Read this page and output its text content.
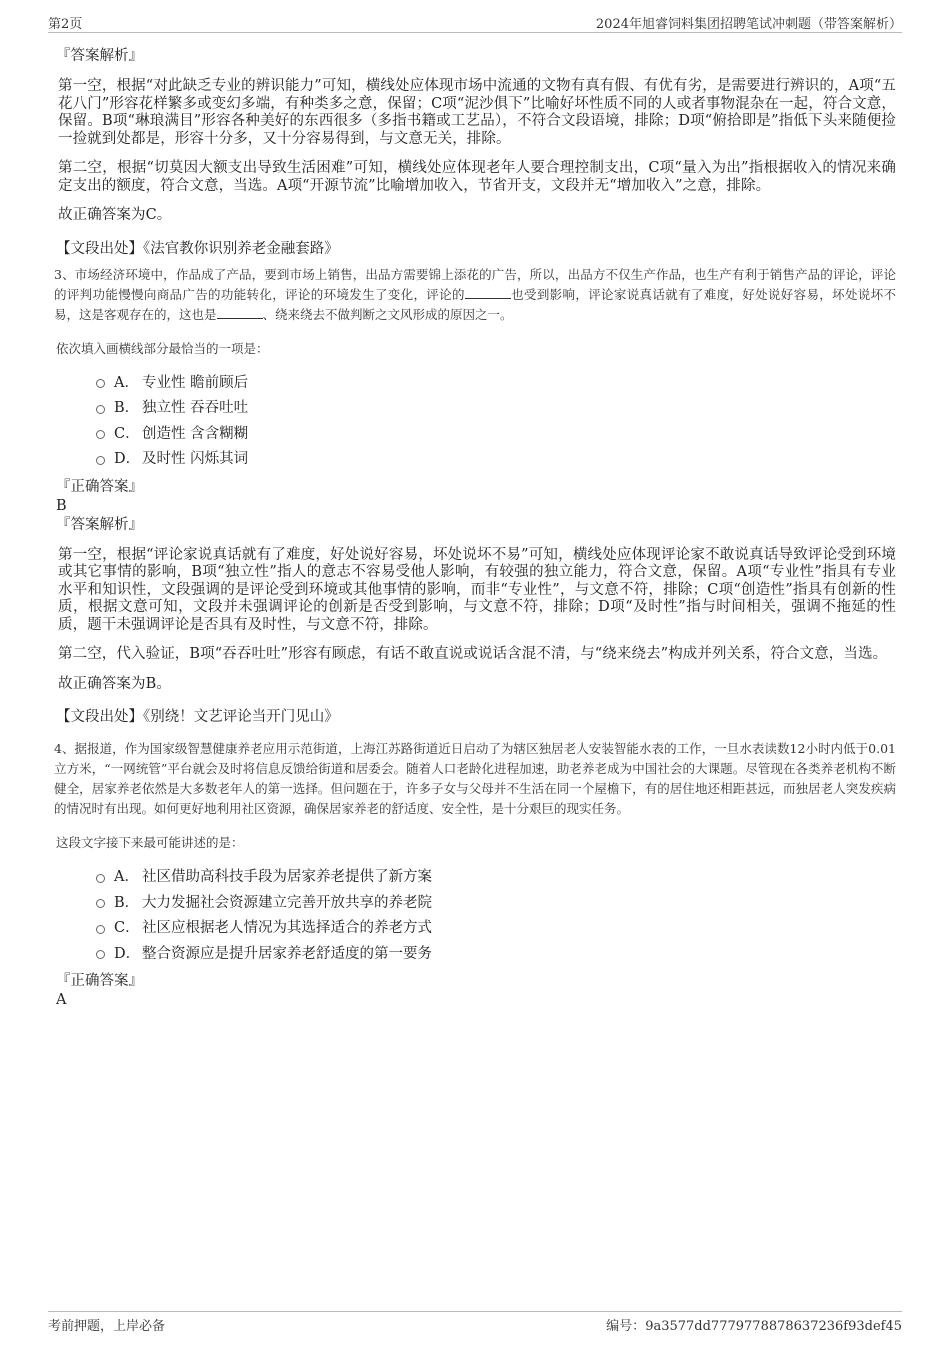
第2页	2024年旭睿饲料集团招聘笔试冲刺题（带答案解析）

『答案解析』

第一空，根据“对此缺乏专业的辨识能力”可知，横线处应体现市场中流通的文物有真有假、有优有劣，是需要进行辨识的，A项“五花八门”形容花样繁多或变幻多端，有种类多之意，保留；C项“泥沙俱下”比喻好坏性质不同的人或者事物混杂在一起，符合文意，保留。B项“琳琅满目”形容各种美好的东西很多（多指书籍或工艺品），不符合文段语境，排除；D项“俯拾即是”指低下头来随便捡一捡就到处都是，形容十分多，又十分容易得到，与文意无关，排除。

第二空，根据“切莫因大额支出导致生活困难”可知，横线处应体现老年人要合理控制支出，C项“量入为出”指根据收入的情况来确定支出的额度，符合文意，当选。A项“开源节流”比喻增加收入，节省开支，文段并无“增加收入”之意，排除。

故正确答案为C。

【文段出处】《法官教你识别养老金融套路》

3、市场经济环境中，作品成了产品，要到市场上销售，出品方需要锦上添花的广告，所以，出品方不仅生产作品，也生产有利于销售产品的评论，评论的评判功能慢慢向商品广告的功能转化，评论的环境发生了变化，评论的	也受到影响，评论家说真话就有了难度，好处说好容易，坏处说坏不易，这是客观存在的，这也是	、绕来绕去不做判断之文风形成的原因之一。

依次填入画横线部分最恰当的一项是：

A． 专业性 瞻前顾后
B． 独立性 吞吞吐吐
C． 创造性 含含糊糊
D． 及时性 闪烁其词

『正确答案』

B

『答案解析』

第一空，根据“评论家说真话就有了难度，好处说好容易，坏处说坏不易”可知，横线处应体现评论家不敢说真话导致评论受到环境或其它事情的影响，B项“独立性”指人的意志不容易受他人影响，有较强的独立能力，符合文意，保留。A项“专业性”指具有专业水平和知识性，文段强调的是评论受到环境或其他事情的影响，而非“专业性”，与文意不符，排除；C项“创造性”指具有创新的性质，根据文意可知，文段并未强调评论的创新是否受到影响，与文意不符，排除；D项“及时性”指与时间相关，强调不拖延的性质，题干未强调评论是否具有及时性，与文意不符，排除。

第二空，代入验证，B项“吞吞吐吐”形容有顾虑，有话不敢直说或说话含混不清，与“绕来绕去”构成并列关系，符合文意，当选。

故正确答案为B。

【文段出处】《别绕！文艺评论当开门见山》

4、据报道，作为国家级智慧健康养老应用示范街道，上海江苏路街道近日启动了为辖区独居老人安装智能水表的工作，一旦水表读数12小时内低于0.01立方米，“一网统管”平台就会及时将信息反馈给街道和居委会。随着人口老龄化进程加速，助老养老成为中国社会的大课题。尽管现在各类养老机构不断健全，居家养老依然是大多数老年人的第一选择。但问题在于，许多子女与父母并不生活在同一个屋檐下，有的居住地还相距甚远，而独居老人突发疾病的情况时有出现。如何更好地利用社区资源，确保居家养老的舒适度、安全性，是十分艰巨的现实任务。

这段文字接下来最可能讲述的是：

A． 社区借助高科技手段为居家养老提供了新方案
B． 大力发掘社会资源建立完善开放共享的养老院
C． 社区应根据老人情况为其选择适合的养老方式
D． 整合资源应是提升居家养老舒适度的第一要务

『正确答案』

A

考前押题，上岸必备	编号：9a3577dd7779778878637236f93def45
